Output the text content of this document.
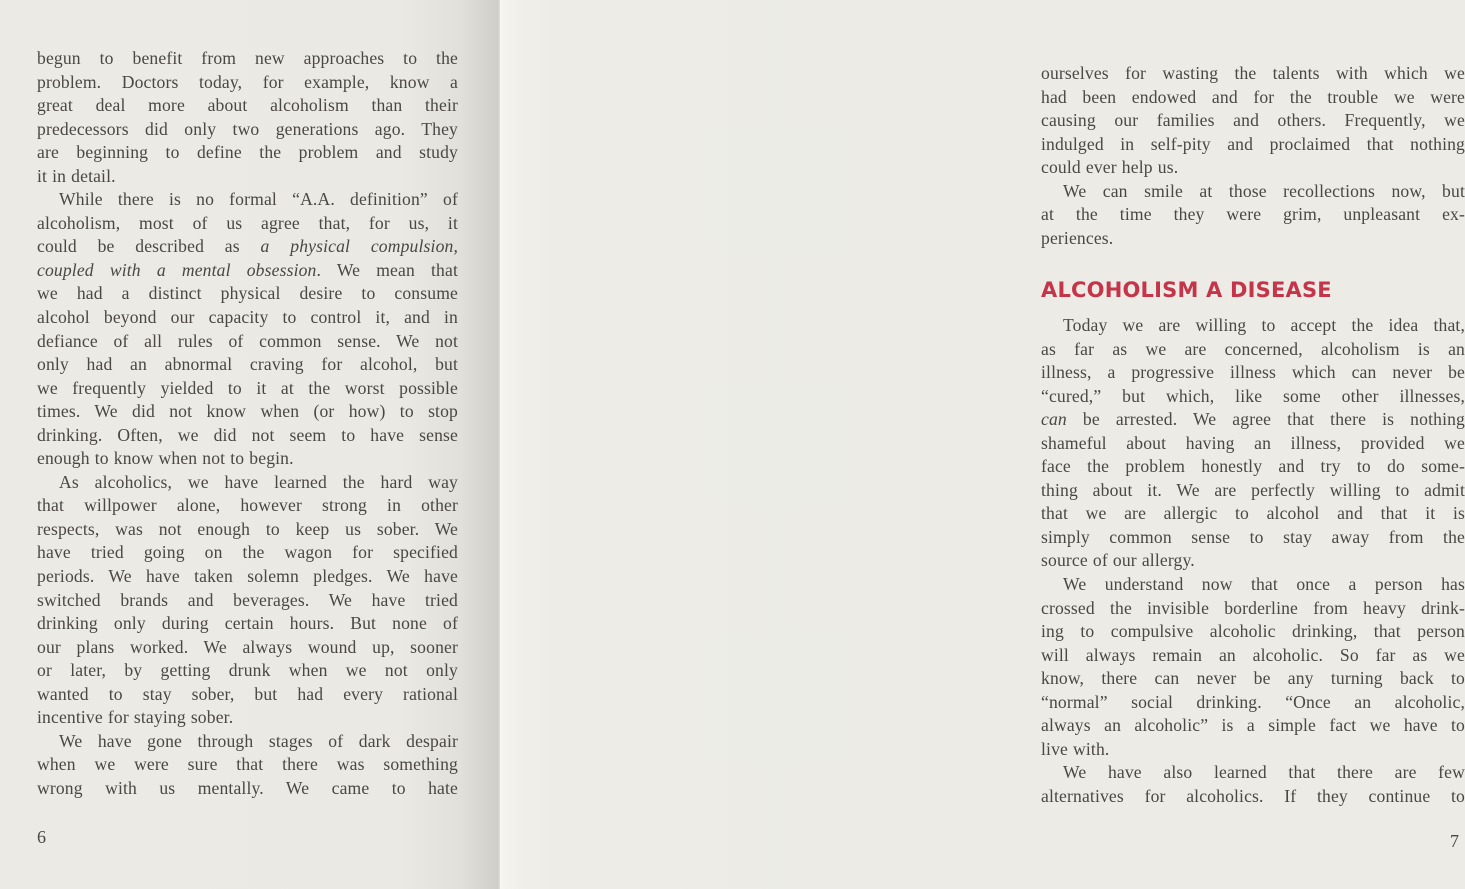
begun to benefit from new approaches to the
problem. Doctors today, for example, know a
great deal more about alcoholism than their
predecessors did only two generations ago. They
are beginning to define the problem and study
it in detail.
While there is no formal “A.A. definition” of
alcoholism, most of us agree that, for us, it
could be described as a physical compulsion,
coupled with a mental obsession. We mean that
we had a distinct physical desire to consume
alcohol beyond our capacity to control it, and in
defiance of all rules of common sense. We not
only had an abnormal craving for alcohol, but
we frequently yielded to it at the worst possible
times. We did not know when (or how) to stop
drinking. Often, we did not seem to have sense
enough to know when not to begin.
As alcoholics, we have learned the hard way
that willpower alone, however strong in other
respects, was not enough to keep us sober. We
have tried going on the wagon for specified
periods. We have taken solemn pledges. We have
switched brands and beverages. We have tried
drinking only during certain hours. But none of
our plans worked. We always wound up, sooner
or later, by getting drunk when we not only
wanted to stay sober, but had every rational
incentive for staying sober.
We have gone through stages of dark despair
when we were sure that there was something
wrong with us mentally. We came to hate
6
ourselves for wasting the talents with which we
had been endowed and for the trouble we were
causing our families and others. Frequently, we
indulged in self-pity and proclaimed that nothing
could ever help us.
We can smile at those recollections now, but
at the time they were grim, unpleasant ex-
periences.
ALCOHOLISM A DISEASE
Today we are willing to accept the idea that,
as far as we are concerned, alcoholism is an
illness, a progressive illness which can never be
“cured,” but which, like some other illnesses,
can be arrested. We agree that there is nothing
shameful about having an illness, provided we
face the problem honestly and try to do some-
thing about it. We are perfectly willing to admit
that we are allergic to alcohol and that it is
simply common sense to stay away from the
source of our allergy.
We understand now that once a person has
crossed the invisible borderline from heavy drink-
ing to compulsive alcoholic drinking, that person
will always remain an alcoholic. So far as we
know, there can never be any turning back to
“normal” social drinking. “Once an alcoholic,
always an alcoholic” is a simple fact we have to
live with.
We have also learned that there are few
alternatives for alcoholics. If they continue to
7
